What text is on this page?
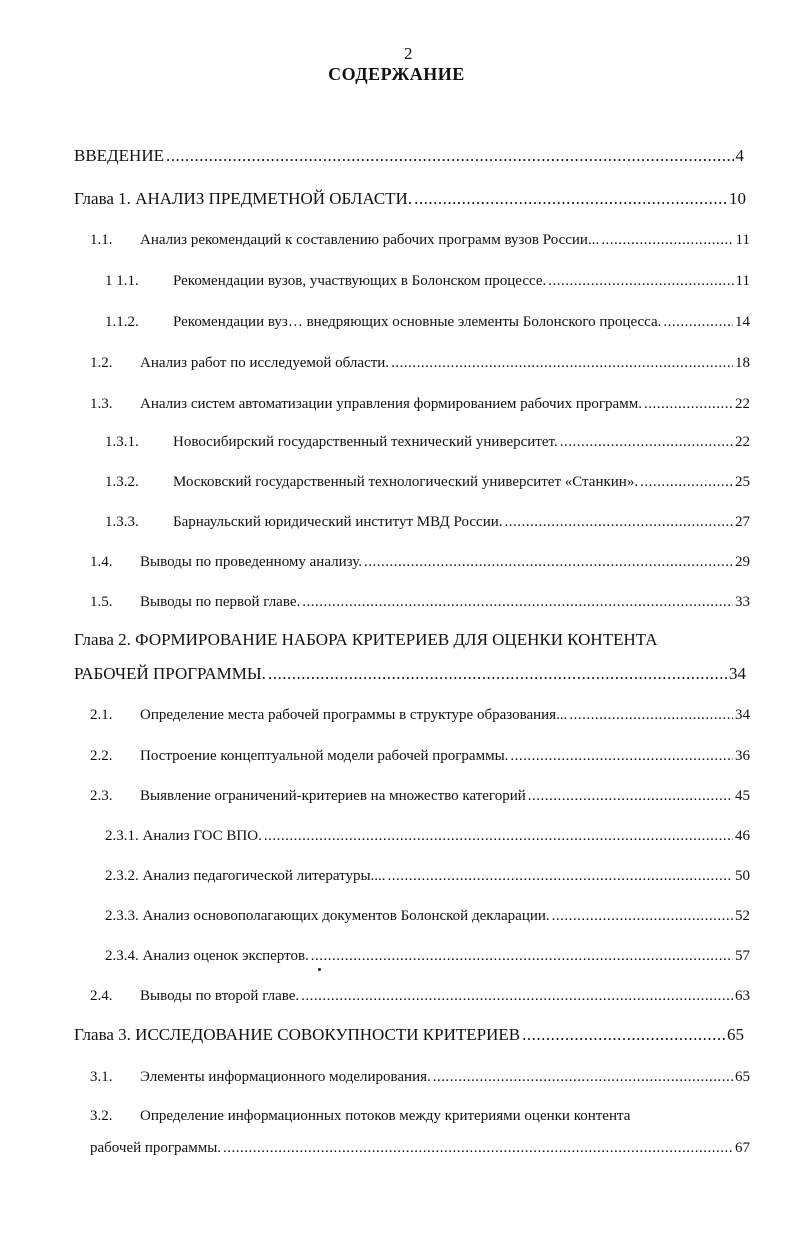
2
СОДЕРЖАНИЕ
ВВЕДЕНИЕ .....	4
Глава 1. АНАЛИЗ ПРЕДМЕТНОЙ ОБЛАСТИ. .....	10
1.1.	Анализ рекомендаций к составлению рабочих программ вузов России... .....	11
1 1.1.	Рекомендации вузов, участвующих в Болонском процессе. .....	11
1.1.2.	Рекомендации вуз… внедряющих основные элементы Болонского процесса. .....	14
1.2.	Анализ работ по исследуемой области. .....	18
1.3.	Анализ систем автоматизации управления формированием рабочих программ. .....	22
1.3.1.	Новосибирский государственный технический университет. .....	22
1.3.2.	Московский государственный технологический университет «Станкин». .....	25
1.3.3.	Барнаульский юридический институт МВД России. .....	27
1.4.	Выводы по проведенному анализу. .....	29
1.5.	Выводы по первой главе. .....	33
Глава 2. ФОРМИРОВАНИЕ НАБОРА КРИТЕРИЕВ ДЛЯ ОЦЕНКИ КОНТЕНТА
РАБОЧЕЙ ПРОГРАММЫ. .....	34
2.1.	Определение места рабочей программы в структуре образования... .....	34
2.2.	Построение концептуальной модели рабочей программы. .....	36
2.3.	Выявление ограничений-критериев на множество категорий .....	45
2.3.1. Анализ ГОС ВПО. .....	46
2.3.2. Анализ педагогической литературы.... .....	50
2.3.3. Анализ основополагающих документов Болонской декларации. .....	52
2.3.4. Анализ оценок экспертов. .....	57
2.4.	Выводы по второй главе. .....	63
Глава 3. ИССЛЕДОВАНИЕ СОВОКУПНОСТИ КРИТЕРИЕВ .....	65
3.1.	Элементы информационного моделирования. .....	65
3.2.	Определение информационных потоков между критериями оценки контента
рабочей программы. .....	67
